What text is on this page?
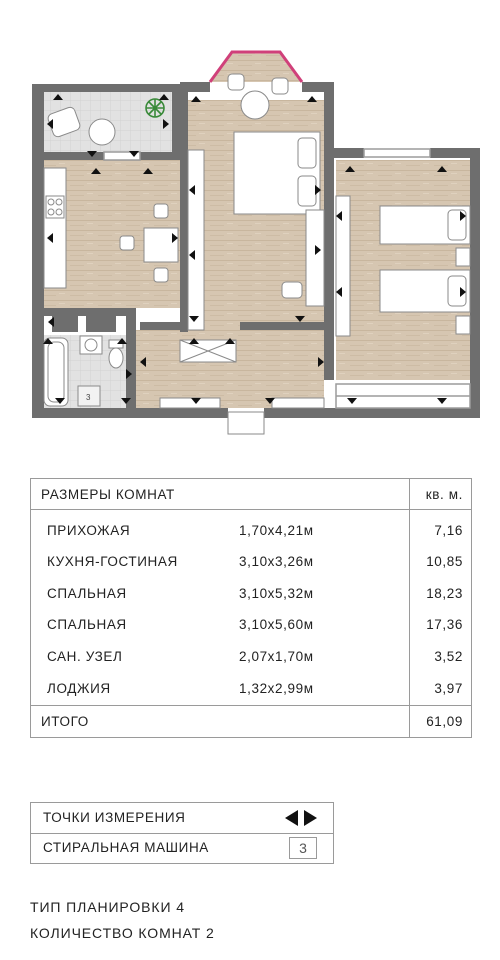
3
РАЗМЕРЫ КОМНАТ	кв. м.
ПРИХОЖАЯ	1,70х4,21м	7,16
КУХНЯ-ГОСТИНАЯ	3,10х3,26м	10,85
СПАЛЬНАЯ	3,10х5,32м	18,23
СПАЛЬНАЯ	3,10х5,60м	17,36
САН. УЗЕЛ	2,07х1,70м	3,52
ЛОДЖИЯ	1,32х2,99м	3,97
ИТОГО	61,09
ТОЧКИ ИЗМЕРЕНИЯ
СТИРАЛЬНАЯ МАШИНА	3
ТИП ПЛАНИРОВКИ 4
КОЛИЧЕСТВО КОМНАТ 2
